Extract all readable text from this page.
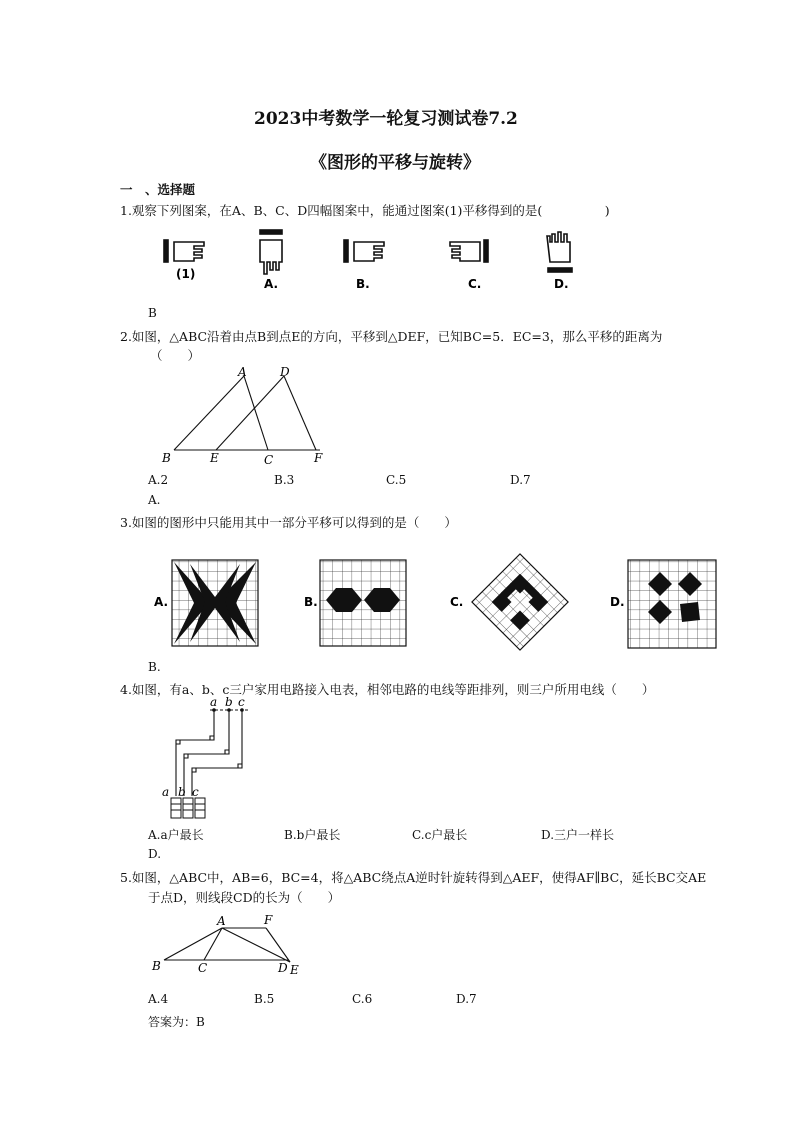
2023中考数学一轮复习测试卷7.2
《图形的平移与旋转》
一　、选择题
1.观察下列图案，在A、B、C、D四幅图案中，能通过图案(1)平移得到的是(　　　　　)
(1)
A.	B.	C.	D.
B
2.如图，△ABC沿着由点B到点E的方向，平移到△DEF，已知BC=5．EC=3，那么平移的距离为
（　　）
A	D
B	E	C	F
A.2	B.3	C.5	D.7
A.
3.如图的图形中只能用其中一部分平移可以得到的是（　　）
A.	B.	C.	D.
B.
4.如图，有a、b、c三户家用电路接入电表，相邻电路的电线等距排列，则三户所用电线（　　）
a b c
a b c
A.a户最长	B.b户最长	C.c户最长	D.三户一样长
D.
5.如图，△ABC中，AB=6，BC=4，将△ABC绕点A逆时针旋转得到△AEF，使得AF∥BC，延长BC交AE
于点D，则线段CD的长为（　　）
A	F
B	C	D E
A.4	B.5	C.6	D.7
答案为：B
